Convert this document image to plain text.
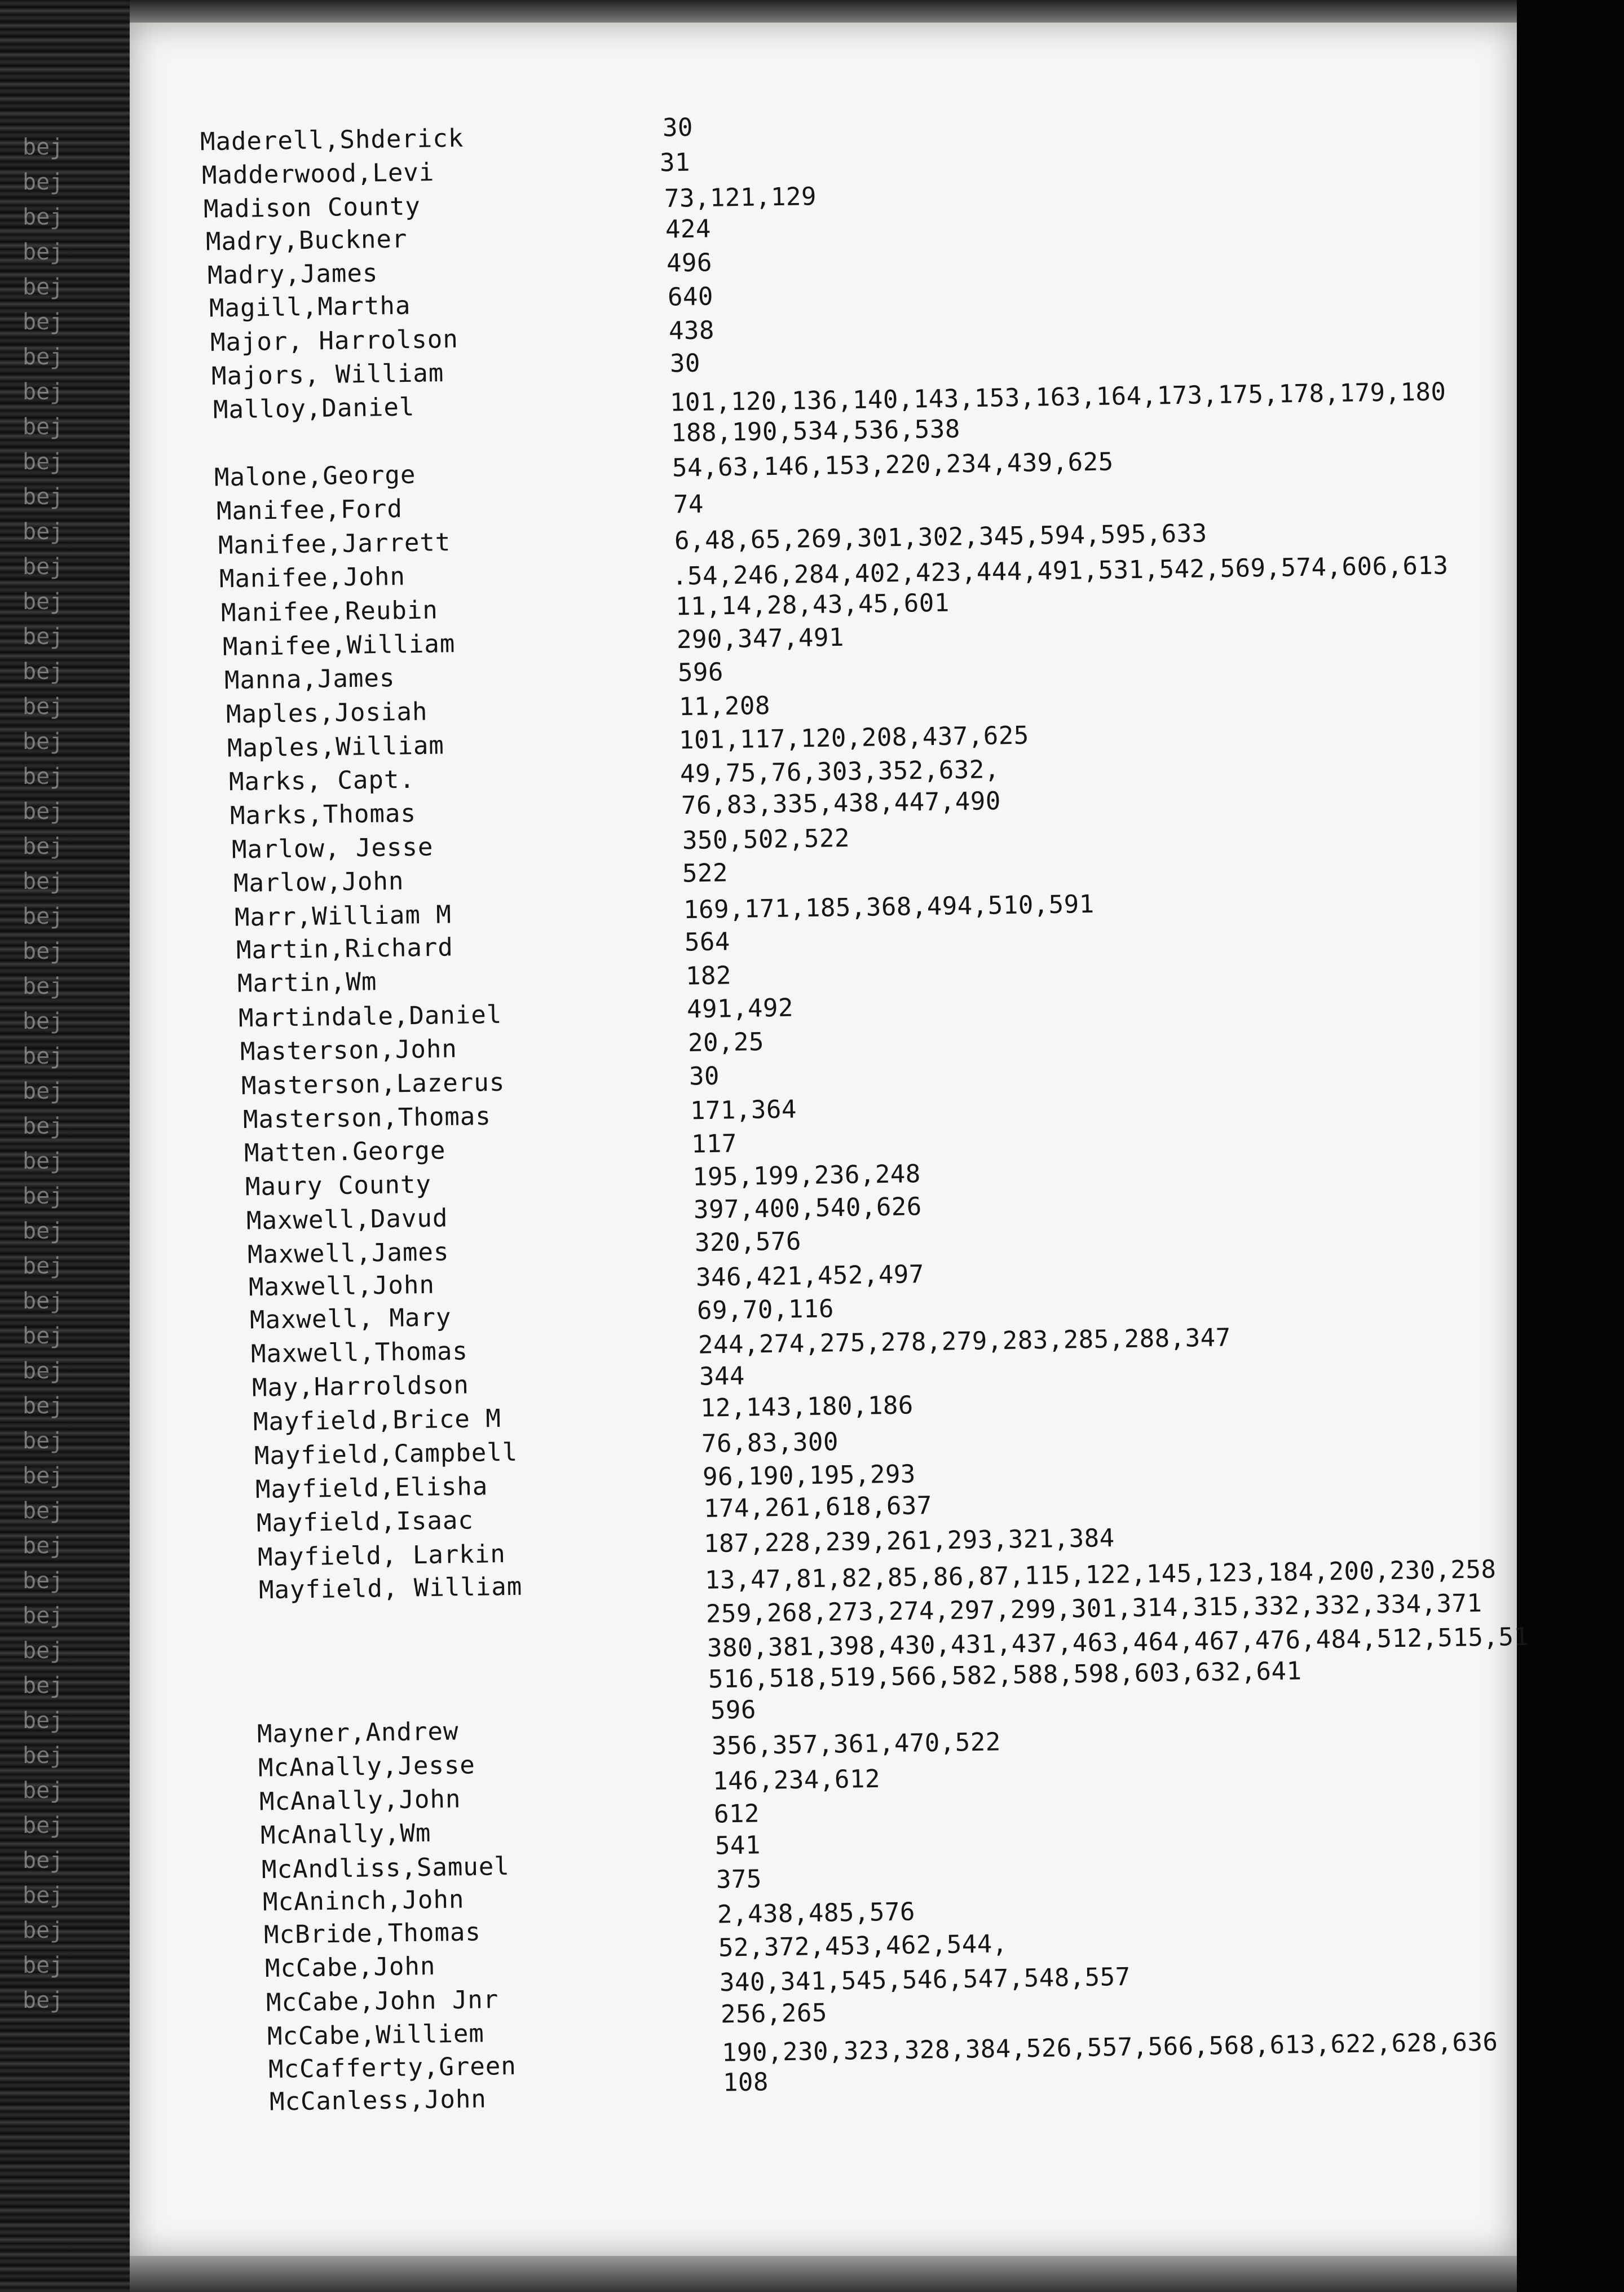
bej
bej
bej
bej
bej
bej
bej
bej
bej
bej
bej
bej
bej
bej
bej
bej
bej
bej
bej
bej
bej
bej
bej
bej
bej
bej
bej
bej
bej
bej
bej
bej
bej
bej
bej
bej
bej
bej
bej
bej
bej
bej
bej
bej
bej
bej
bej
bej
bej
bej
bej
bej
bej
bej
Maderell,Shderick
Madderwood,Levi
Madison County
Madry,Buckner
Madry,James
Magill,Martha
Major, Harrolson
Majors, William
Malloy,Daniel
Malone,George
Manifee,Ford
Manifee,Jarrett
Manifee,John
Manifee,Reubin
Manifee,William
Manna,James
Maples,Josiah
Maples,William
Marks, Capt.
Marks,Thomas
Marlow, Jesse
Marlow,John
Marr,William M
Martin,Richard
Martin,Wm
Martindale,Daniel
Masterson,John
Masterson,Lazerus
Masterson,Thomas
Matten.George
Maury County
Maxwell,Davud
Maxwell,James
Maxwell,John
Maxwell, Mary
Maxwell,Thomas
May,Harroldson
Mayfield,Brice M
Mayfield,Campbell
Mayfield,Elisha
Mayfield,Isaac
Mayfield, Larkin
Mayfield, William
Mayner,Andrew
McAnally,Jesse
McAnally,John
McAnally,Wm
McAndliss,Samuel
McAninch,John
McBride,Thomas
McCabe,John
McCabe,John Jnr
McCabe,Williem
McCafferty,Green
McCanless,John
30
31
73,121,129
424
496
640
438
30
101,120,136,140,143,153,163,164,173,175,178,179,180
188,190,534,536,538
54,63,146,153,220,234,439,625
74
6,48,65,269,301,302,345,594,595,633
.54,246,284,402,423,444,491,531,542,569,574,606,613
11,14,28,43,45,601
290,347,491
596
11,208
101,117,120,208,437,625
49,75,76,303,352,632,
76,83,335,438,447,490
350,502,522
522
169,171,185,368,494,510,591
564
182
491,492
20,25
30
171,364
117
195,199,236,248
397,400,540,626
320,576
346,421,452,497
69,70,116
244,274,275,278,279,283,285,288,347
344
12,143,180,186
76,83,300
96,190,195,293
174,261,618,637
187,228,239,261,293,321,384
13,47,81,82,85,86,87,115,122,145,123,184,200,230,258
259,268,273,274,297,299,301,314,315,332,332,334,371
380,381,398,430,431,437,463,464,467,476,484,512,515,51
516,518,519,566,582,588,598,603,632,641
596
356,357,361,470,522
146,234,612
612
541
375
2,438,485,576
52,372,453,462,544,
340,341,545,546,547,548,557
256,265
190,230,323,328,384,526,557,566,568,613,622,628,636
108
